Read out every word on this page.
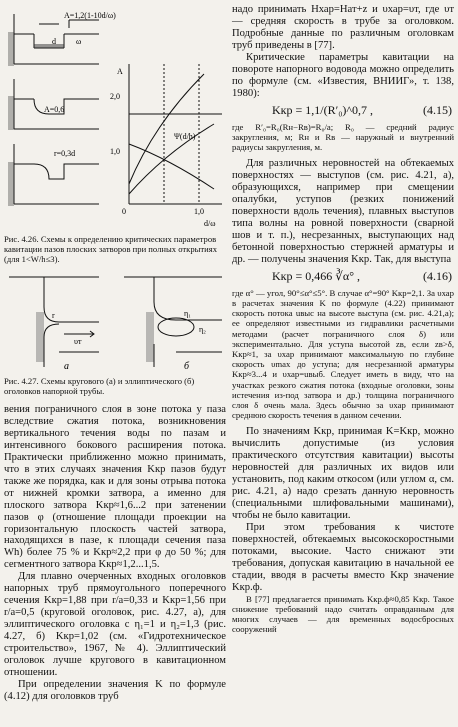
A=1,2(1-10d/ω)
d	ω
A=0,6
r=0,3d
A
2,0
1,0
0	1,0
d/ω
Ψ(d/h)
Рис. 4.26. Схемы к определению критических параметров кавитации пазов плоских затворов при полных открытиях (для 1<W/h≤3).
r
υт
η₁
η₂
а	б
Рис. 4.27. Схемы кругового (а) и эллиптического (б) оголовков напорной трубы.

вения пограничного слоя в зоне потока у паза вследствие сжатия потока, возникновения вертикального течения воды по пазам и интенсивного бокового расширения потока. Практически приближенно можно принимать, что в этих случаях значения Kкр пазов будут также же порядка, как и для зоны отрыва потока от нижней кромки затвора, а именно для плоского затвора Kкр≈1,6...2 при затенении пазов φ (отношение площади проекции на горизонтальную плоскость частей затвора, находящихся в пазе, к площади сечения паза Wh) более 75 % и Kкр≈2,2 при φ до 50 %; для сегментного затвора Kкр≈1,2...1,5.

Для плавно очерченных входных оголовков напорных труб прямоугольного поперечного сечения Kкр=1,88 при r/a=0,33 и Kкр=1,56 при r/a=0,5 (круговой оголовок, рис. 4.27, а), для эллиптического оголовка с η₁=1 и η₂=1,3 (рис. 4.27, б) Kкр=1,02 (см. «Гидротехническое строительство», 1967, № 4). Эллиптический оголовок лучше кругового в кавитационном отношении.

При определении значения K по формуле (4.12) для оголовков труб

надо принимать Hхар=Hат+z и υхар=υт, где υт — средняя скорость в трубе за оголовком. Подробные данные по различным оголовкам труб приведены в [77].

Критические параметры кавитации на повороте напорного водовода можно определить по формуле (см. «Известия, ВНИИГ», т. 138, 1980):

Kкр = 1,1/(R′₀)^0,7 ,	(4.15)

где R′₀=R₀(Rн−Rв)=R₀/a; R₀ — средний радиус закругления, м; Rн и Rв — наружный и внутренний радиусы закругления, м.

Для различных неровностей на обтекаемых поверхностях — выступов (см. рис. 4.21, а), образующихся, например при смещении опалубки, уступов (резких понижений поверхности вдоль течения), плавных выступов типа волны на ровной поверхности (сварной шов и т. п.), несрезанных, выступающих над бетонной поверхностью стержней арматуры и др. — получены значения Kкр. Так, для выступа

Kкр = 0,466 ∛α° ,	(4.16)

где α° — угол, 90°≤α°≤5°. В случае α°=90° Kкр=2,1. За υхар в расчетах значения K по формуле (4.22) принимают скорость потока uвыс на высоте выступа (см. рис. 4.21,а); ее определяют известными из гидравлики расчетными методами (расчет пограничного слоя δ) или экспериментально. Для уступа высотой zв, если zв>δ, Kкр≈1, за υхар принимают максимальную по глубине скорость υmax до уступа; для несрезанной арматуры Kкр≈3...4 и υхар=uвыб. Следует иметь в виду, что на участках резкого сжатия потока (входные оголовки, зоны истечения из-под затвора и др.) толщина пограничного слоя δ очень мала. Здесь обычно за υхар принимают среднюю скорость течения в данном сечении.

По значениям Kкр, принимая K=Kкр, можно вычислить допустимые (из условия практического отсутствия кавитации) высоты неровностей для различных их видов или установить, под каким откосом (или углом α, см. рис. 4.21, а) надо срезать данную неровность (специальными шлифовальными машинами), чтобы не было кавитации.

При этом требования к чистоте поверхностей, обтекаемых высокоскоростными потоками, высокие. Часто снижают эти требования, допуская кавитацию в начальной ее стадии, вводя в расчеты вместо Kкр значение Kкр.ф.

В [77] предлагается принимать Kкр.ф≈0,85 Kкр. Такое снижение требований надо считать оправданным для многих случаев — для временных водосбросных сооружений
